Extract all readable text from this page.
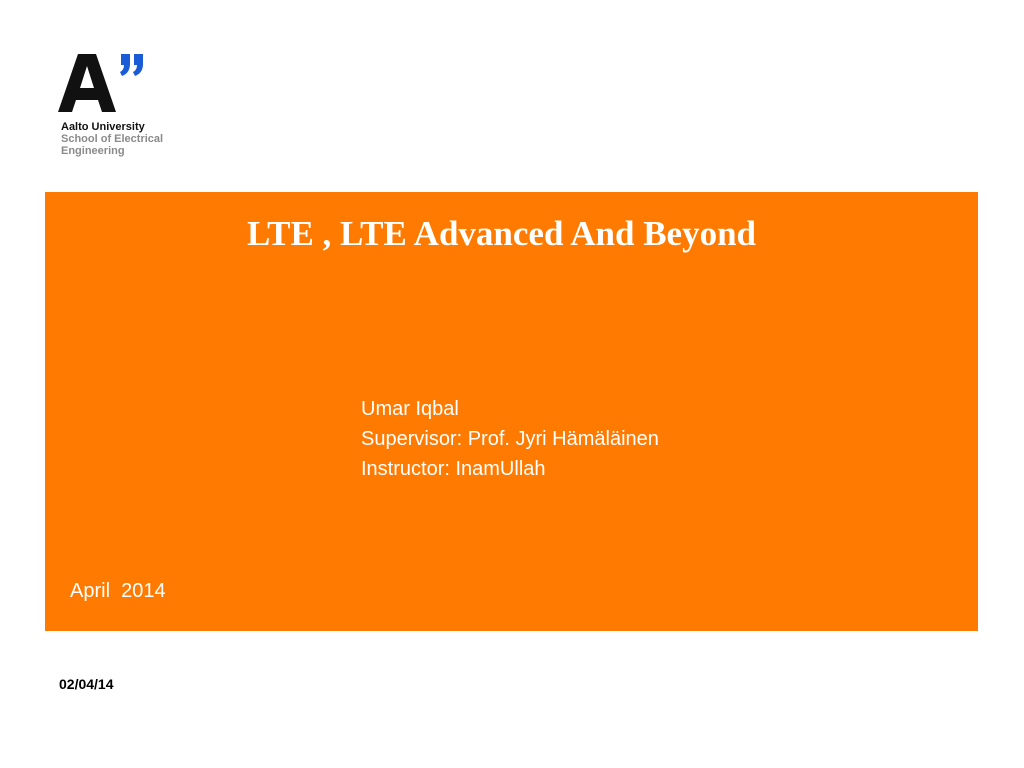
Aalto University
School of Electrical
Engineering
LTE , LTE Advanced And Beyond
Umar Iqbal
Supervisor: Prof. Jyri Hämäläinen
Instructor: InamUllah
April  2014
02/04/14
